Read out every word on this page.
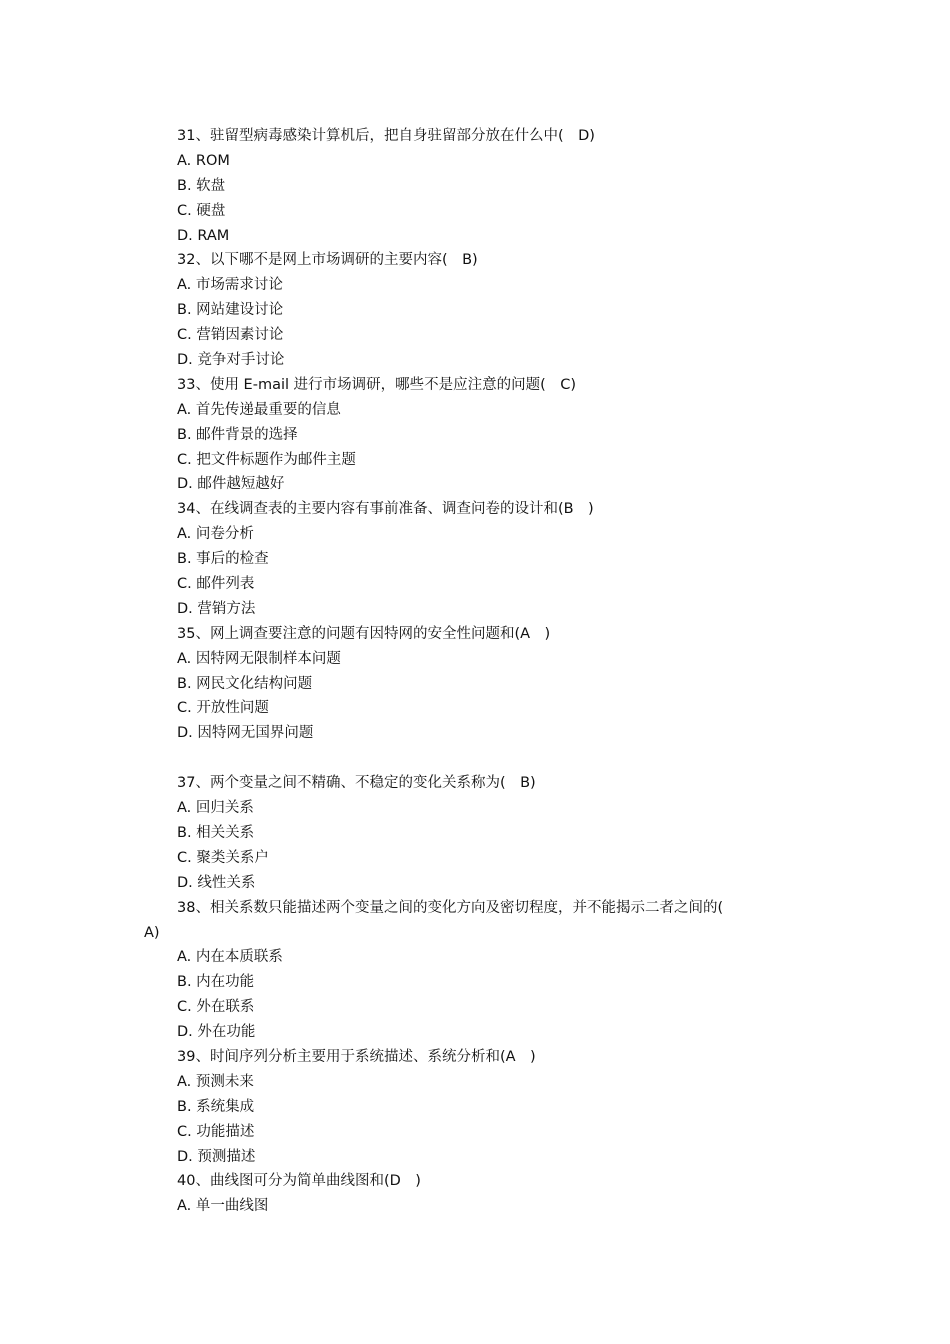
31、驻留型病毒感染计算机后，把自身驻留部分放在什么中(　D)
A. ROM
B. 软盘
C. 硬盘
D. RAM
32、以下哪不是网上市场调研的主要内容(　B)
A. 市场需求讨论
B. 网站建设讨论
C. 营销因素讨论
D. 竞争对手讨论
33、使用 E-mail 进行市场调研，哪些不是应注意的问题(　C)
A. 首先传递最重要的信息
B. 邮件背景的选择
C. 把文件标题作为邮件主题
D. 邮件越短越好
34、在线调查表的主要内容有事前准备、调查问卷的设计和(B　)
A. 问卷分析
B. 事后的检查
C. 邮件列表
D. 营销方法
35、网上调查要注意的问题有因特网的安全性问题和(A　)
A. 因特网无限制样本问题
B. 网民文化结构问题
C. 开放性问题
D. 因特网无国界问题
37、两个变量之间不精确、不稳定的变化关系称为(　B)
A. 回归关系
B. 相关关系
C. 聚类关系户
D. 线性关系
38、相关系数只能描述两个变量之间的变化方向及密切程度，并不能揭示二者之间的(
A)
A. 内在本质联系
B. 内在功能
C. 外在联系
D. 外在功能
39、时间序列分析主要用于系统描述、系统分析和(A　)
A. 预测未来
B. 系统集成
C. 功能描述
D. 预测描述
40、曲线图可分为简单曲线图和(D　)
A. 单一曲线图
